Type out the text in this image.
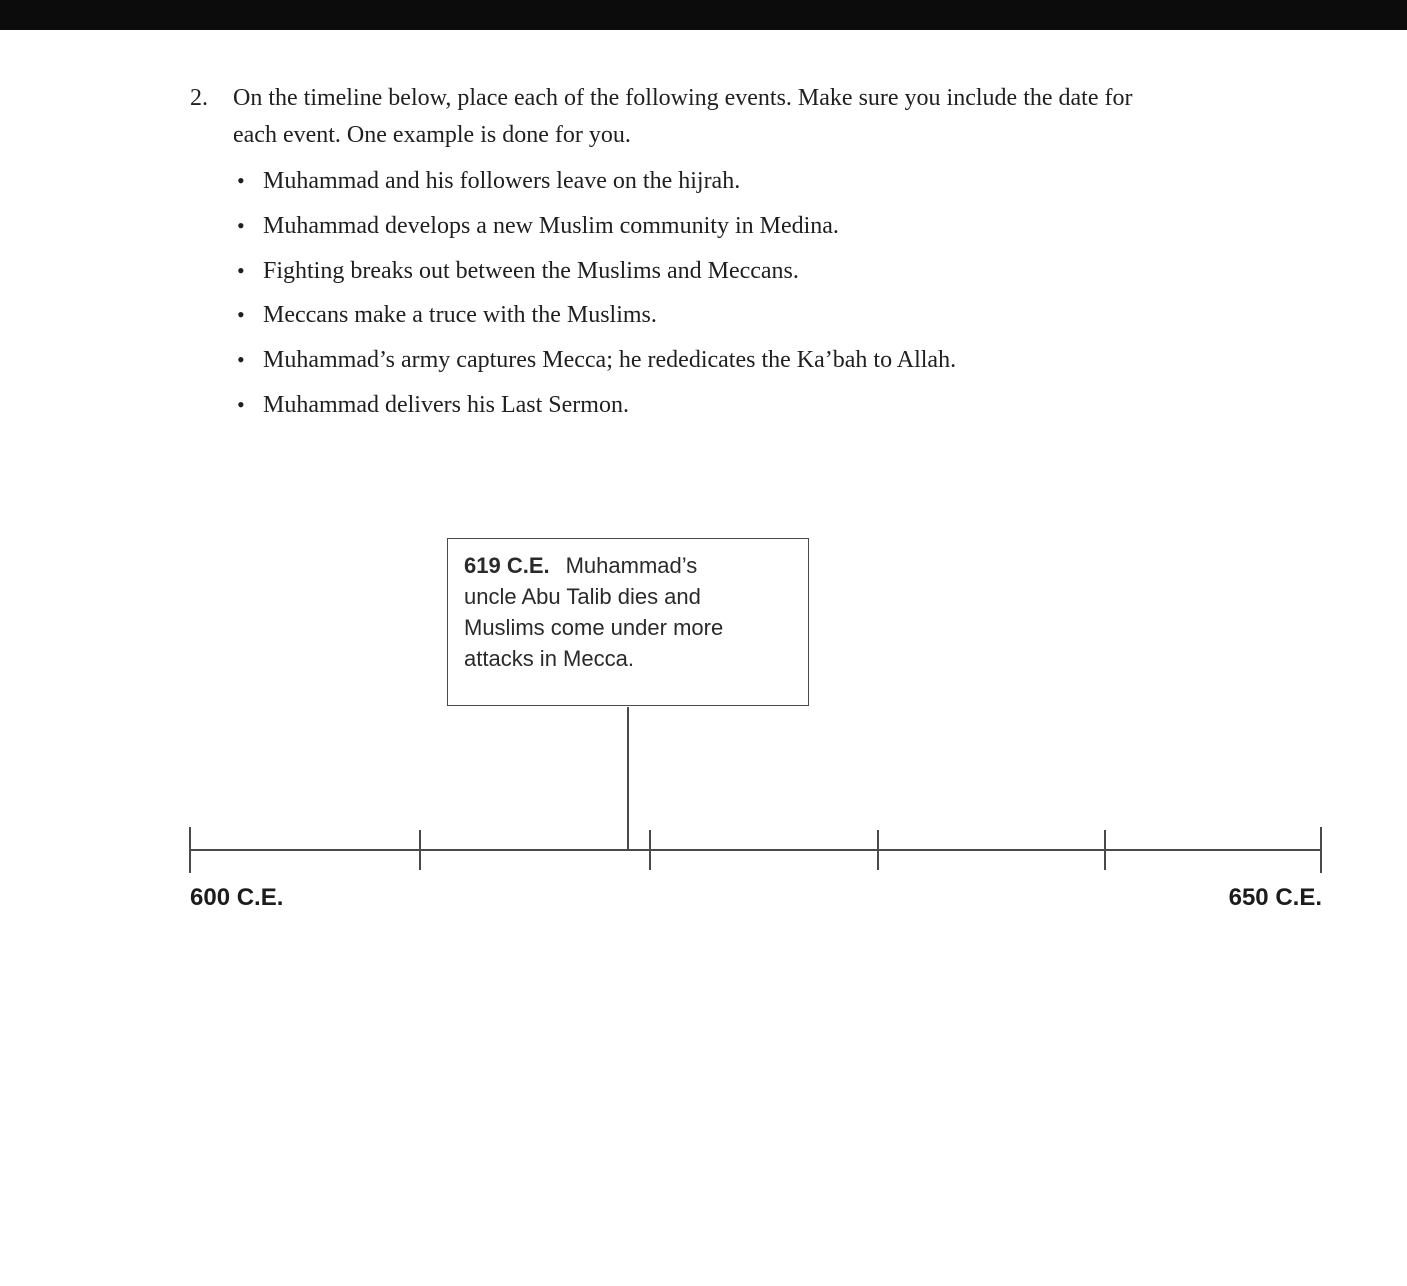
2. On the timeline below, place each of the following events. Make sure you include the date for each event. One example is done for you.
• Muhammad and his followers leave on the hijrah.
• Muhammad develops a new Muslim community in Medina.
• Fighting breaks out between the Muslims and Meccans.
• Meccans make a truce with the Muslims.
• Muhammad’s army captures Mecca; he rededicates the Ka’bah to Allah.
• Muhammad delivers his Last Sermon.
619 C.E. Muhammad’s uncle Abu Talib dies and Muslims come under more attacks in Mecca.
600 C.E.	650 C.E.
